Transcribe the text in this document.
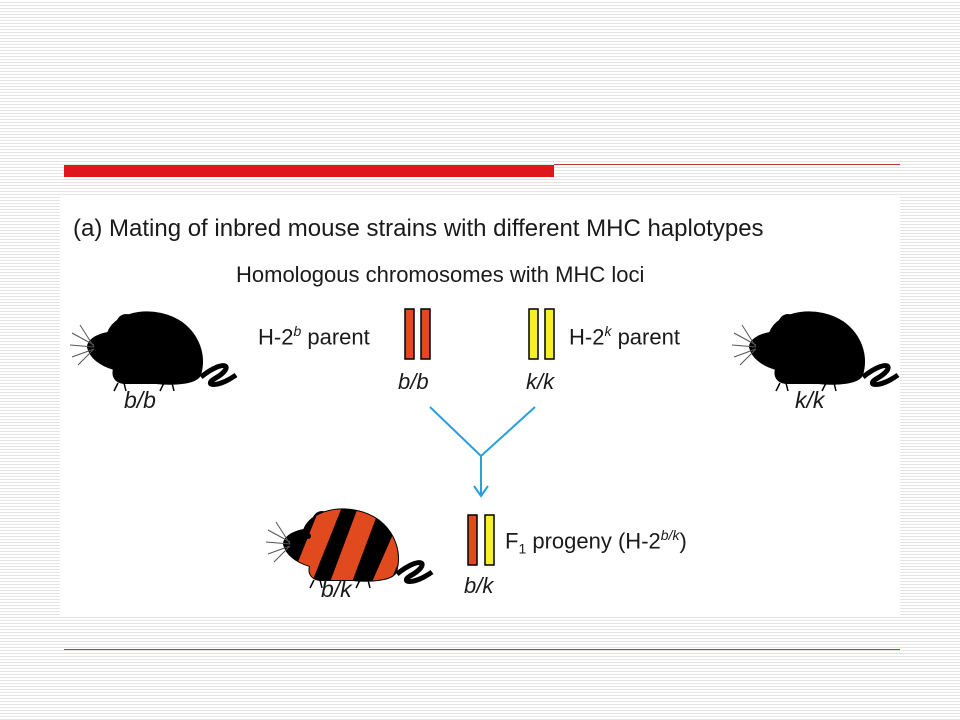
(a) Mating of inbred mouse strains with different MHC haplotypes
Homologous chromosomes with MHC loci
H-2$^b$ parent	H-2$^k$ parent
b/b	k/k
b/b	k/k
$F_1$ progeny $(H-2^{b/k})$
b/k
b/k
